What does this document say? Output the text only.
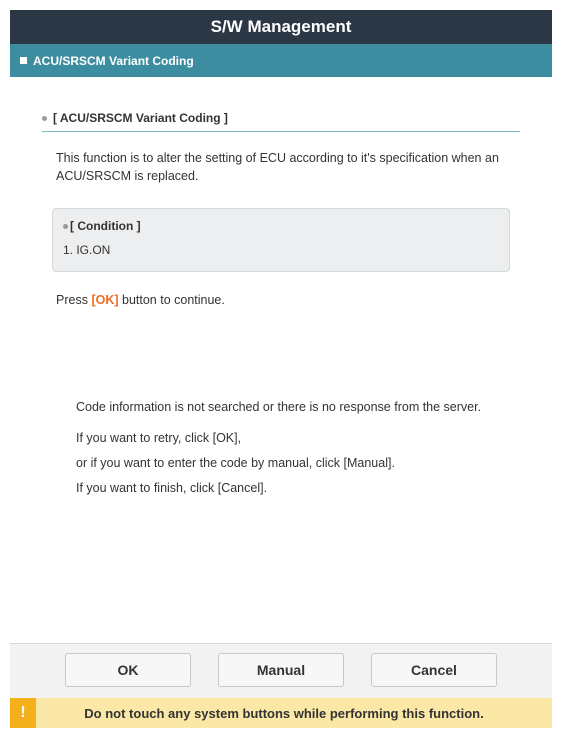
S/W Management
ACU/SRSCM Variant Coding
[ ACU/SRSCM Variant Coding ]
This function is to alter the setting of ECU according to it's specification when an ACU/SRSCM is replaced.
[ Condition ]
1. IG.ON
Press [OK] button to continue.

Code information is not searched or there is no response from the server.

If you want to retry, click [OK],

or if you want to enter the code by manual, click [Manual].

If you want to finish, click [Cancel].

OK	Manual	Cancel
!	Do not touch any system buttons while performing this function.
